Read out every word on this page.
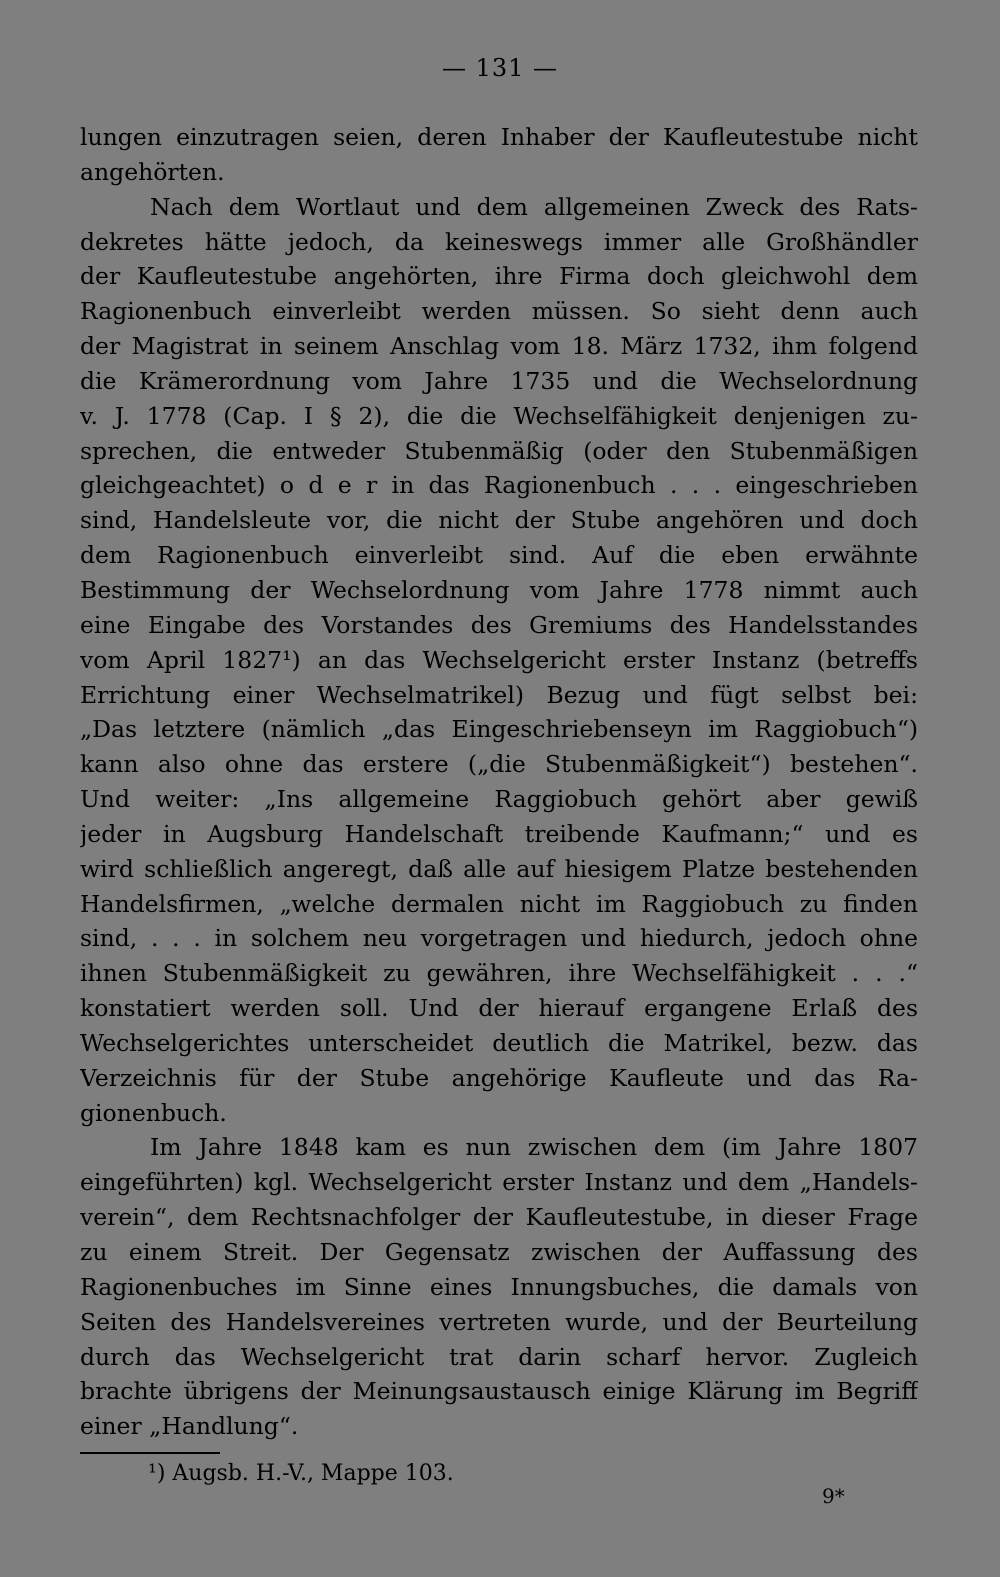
— 131 —
lungen einzutragen seien, deren Inhaber der Kaufleutestube nicht
angehörten.
Nach dem Wortlaut und dem allgemeinen Zweck des Rats-
dekretes hätte jedoch, da keineswegs immer alle Großhändler
der Kaufleutestube angehörten, ihre Firma doch gleichwohl dem
Ragionenbuch einverleibt werden müssen. So sieht denn auch
der Magistrat in seinem Anschlag vom 18. März 1732, ihm folgend
die Krämerordnung vom Jahre 1735 und die Wechselordnung
v. J. 1778 (Cap. I § 2), die die Wechselfähigkeit denjenigen zu-
sprechen, die entweder Stubenmäßig (oder den Stubenmäßigen
gleichgeachtet) o d e r in das Ragionenbuch . . . eingeschrieben
sind, Handelsleute vor, die nicht der Stube angehören und doch
dem Ragionenbuch einverleibt sind. Auf die eben erwähnte
Bestimmung der Wechselordnung vom Jahre 1778 nimmt auch
eine Eingabe des Vorstandes des Gremiums des Handelsstandes
vom April 1827¹) an das Wechselgericht erster Instanz (betreffs
Errichtung einer Wechselmatrikel) Bezug und fügt selbst bei:
„Das letztere (nämlich „das Eingeschriebenseyn im Raggiobuch“)
kann also ohne das erstere („die Stubenmäßigkeit“) bestehen“.
Und weiter: „Ins allgemeine Raggiobuch gehört aber gewiß
jeder in Augsburg Handelschaft treibende Kaufmann;“ und es
wird schließlich angeregt, daß alle auf hiesigem Platze bestehenden
Handelsfirmen, „welche dermalen nicht im Raggiobuch zu finden
sind, . . . in solchem neu vorgetragen und hiedurch, jedoch ohne
ihnen Stubenmäßigkeit zu gewähren, ihre Wechselfähigkeit . . .“
konstatiert werden soll. Und der hierauf ergangene Erlaß des
Wechselgerichtes unterscheidet deutlich die Matrikel, bezw. das
Verzeichnis für der Stube angehörige Kaufleute und das Ra-
gionenbuch.
Im Jahre 1848 kam es nun zwischen dem (im Jahre 1807
eingeführten) kgl. Wechselgericht erster Instanz und dem „Handels-
verein“, dem Rechtsnachfolger der Kaufleutestube, in dieser Frage
zu einem Streit. Der Gegensatz zwischen der Auffassung des
Ragionenbuches im Sinne eines Innungsbuches, die damals von
Seiten des Handelsvereines vertreten wurde, und der Beurteilung
durch das Wechselgericht trat darin scharf hervor. Zugleich
brachte übrigens der Meinungsaustausch einige Klärung im Begriff
einer „Handlung“.
¹) Augsb. H.-V., Mappe 103.
9*
